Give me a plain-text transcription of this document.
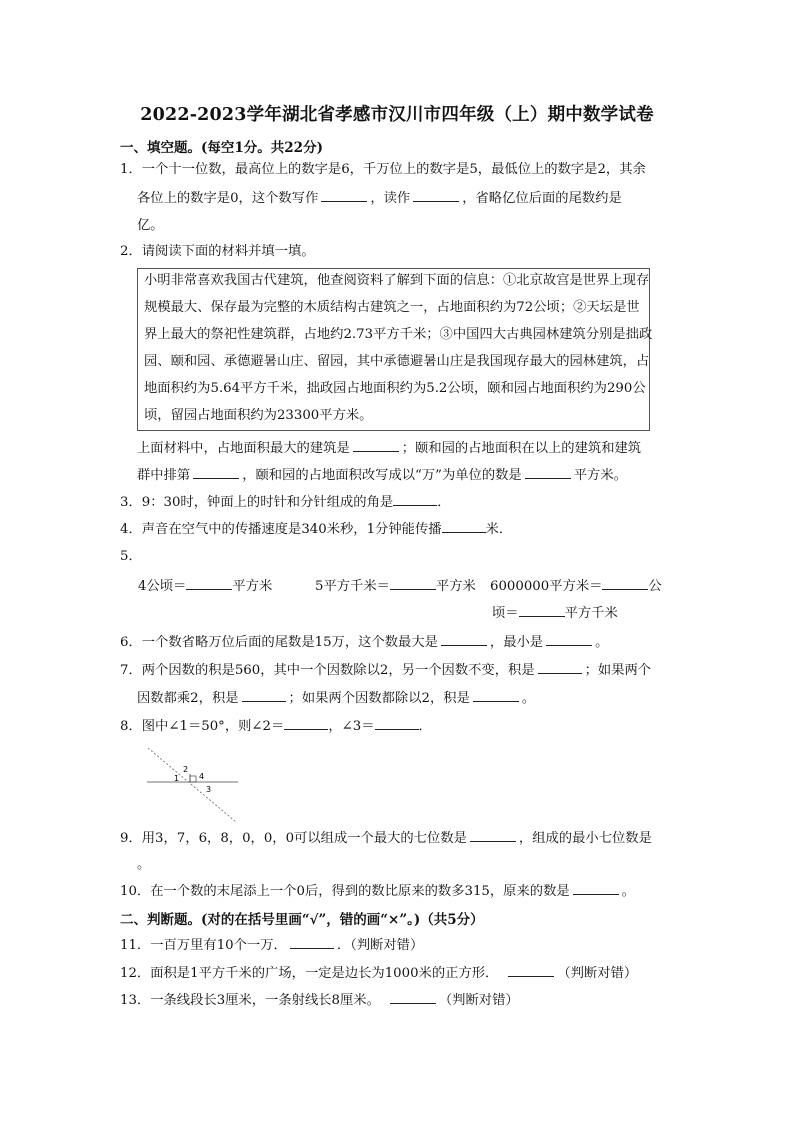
2022-2023学年湖北省孝感市汉川市四年级（上）期中数学试卷
一、填空题。(每空1分。共22分)
1．一个十一位数，最高位上的数字是6，千万位上的数字是5，最低位上的数字是2，其余
各位上的数字是0，这个数写作	，读作	，省略亿位后面的尾数约是
亿。
2．请阅读下面的材料并填一填。
小明非常喜欢我国古代建筑，他查阅资料了解到下面的信息：①北京故宫是世界上现存
规模最大、保存最为完整的木质结构古建筑之一，占地面积约为72公顷；②天坛是世
界上最大的祭祀性建筑群，占地约2.73平方千米；③中国四大古典园林建筑分别是拙政
园、颐和园、承德避暑山庄、留园，其中承德避暑山庄是我国现存最大的园林建筑，占
地面积约为5.64平方千米，拙政园占地面积约为5.2公顷，颐和园占地面积约为290公
顷，留园占地面积约为23300平方米。
上面材料中，占地面积最大的建筑是	；颐和园的占地面积在以上的建筑和建筑
群中排第	，颐和园的占地面积改写成以“万”为单位的数是	平方米。
3．9：30时，钟面上的时针和分针组成的角是	．
4．声音在空气中的传播速度是340米秒，1分钟能传播	米．
5．
4公顷＝	平方米	5平方千米＝	平方米 6000000平方米＝	公
顷＝	平方千米
6．一个数省略万位后面的尾数是15万，这个数最大是	，最小是	。
7．两个因数的积是560，其中一个因数除以2，另一个因数不变，积是	；如果两个
因数都乘2，积是	；如果两个因数都除以2，积是	。
8．图中∠1＝50°，则∠2＝	，∠3＝	．
1
2
3
4
9．用3，7，6，8，0，0，0可以组成一个最大的七位数是	，组成的最小七位数是
。
10．在一个数的末尾添上一个0后，得到的数比原来的数多315，原来的数是	。
二、判断题。(对的在括号里画“√”，错的画“×”。)（共5分）
11．一百万里有10个一万．	．（判断对错）
12．面积是1平方千米的广场，一定是边长为1000米的正方形．	（判断对错）
13．一条线段长3厘米，一条射线长8厘米。	（判断对错）
